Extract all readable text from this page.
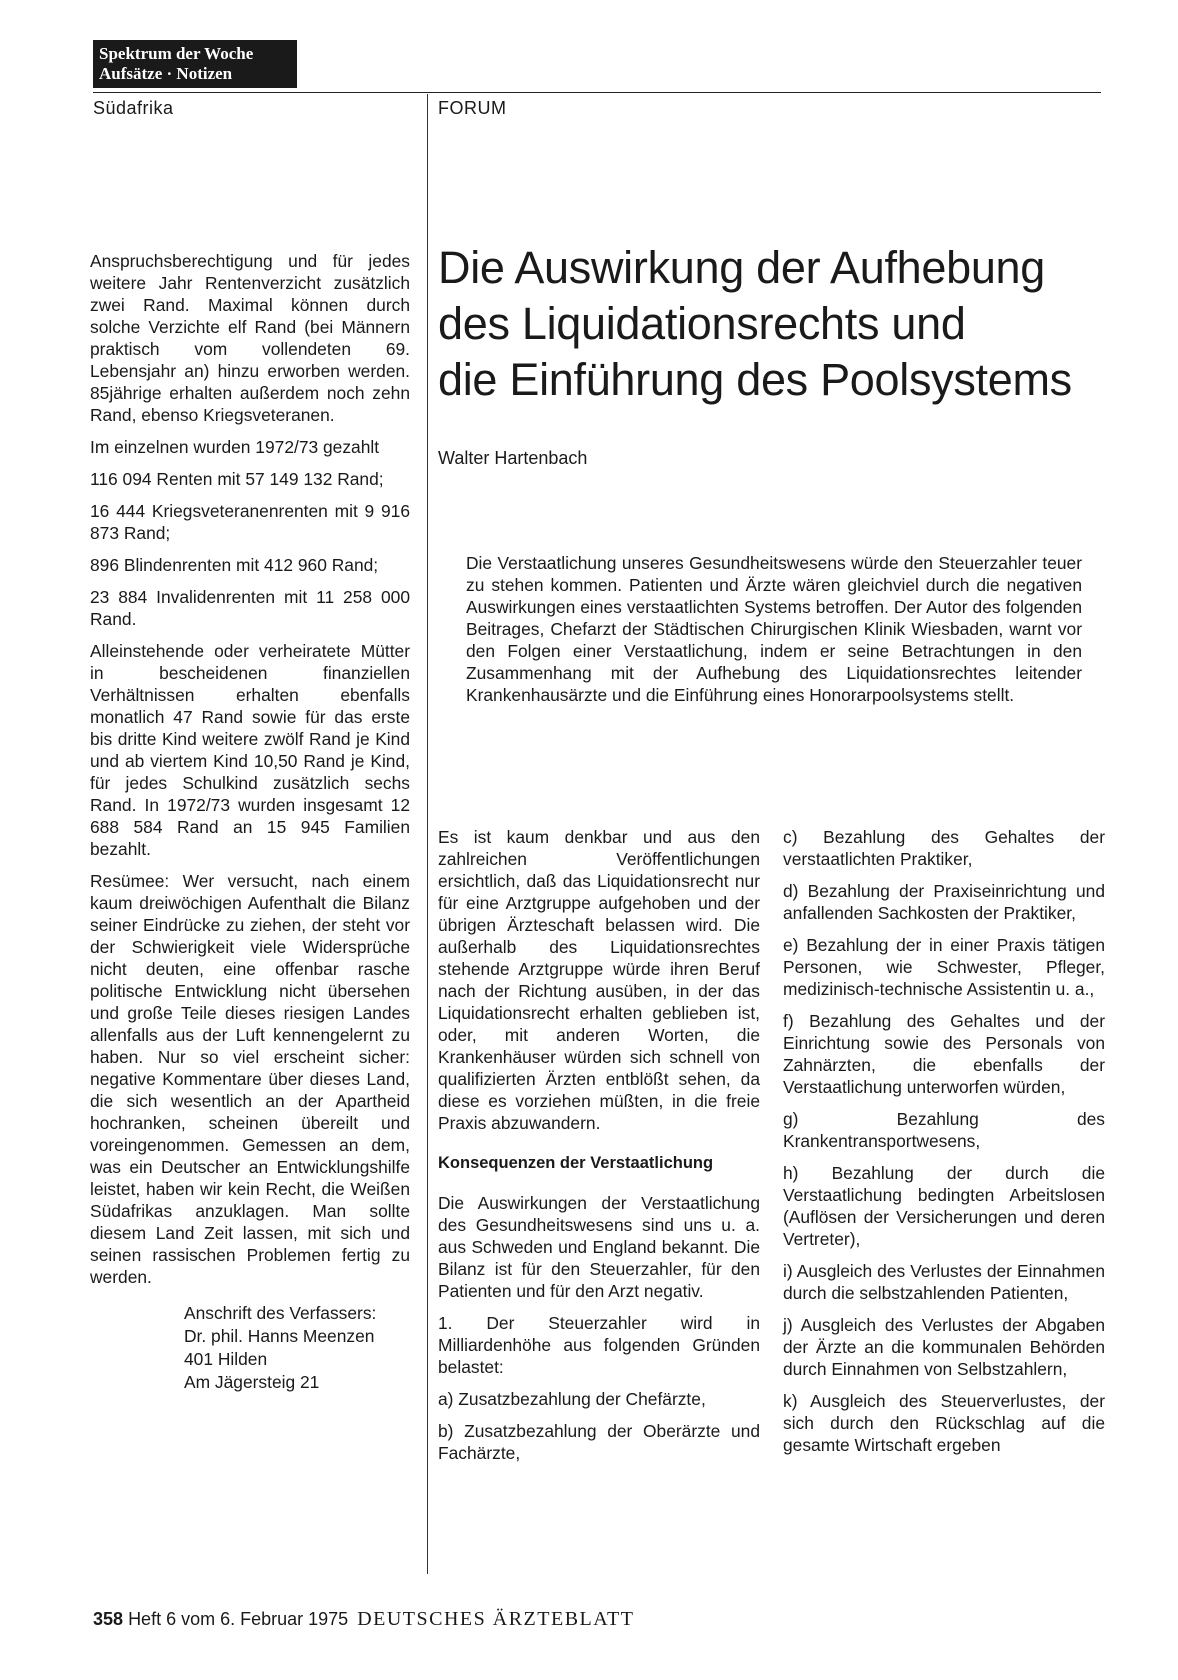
Spektrum der Woche
Aufsätze · Notizen
Südafrika	FORUM

Anspruchsberechtigung und für jedes weitere Jahr Rentenverzicht zusätzlich zwei Rand. Maximal können durch solche Verzichte elf Rand (bei Männern praktisch vom vollendeten 69. Lebensjahr an) hinzu erworben werden. 85jährige erhalten außerdem noch zehn Rand, ebenso Kriegsveteranen.

Im einzelnen wurden 1972/73 gezahlt

116 094 Renten mit 57 149 132 Rand;

16 444 Kriegsveteranenrenten mit 9 916 873 Rand;

896 Blindenrenten mit 412 960 Rand;

23 884 Invalidenrenten mit 11 258 000 Rand.

Alleinstehende oder verheiratete Mütter in bescheidenen finanziellen Verhältnissen erhalten ebenfalls monatlich 47 Rand sowie für das erste bis dritte Kind weitere zwölf Rand je Kind und ab viertem Kind 10,50 Rand je Kind, für jedes Schulkind zusätzlich sechs Rand. In 1972/73 wurden insgesamt 12 688 584 Rand an 15 945 Familien bezahlt.

Resümee: Wer versucht, nach einem kaum dreiwöchigen Aufenthalt die Bilanz seiner Eindrücke zu ziehen, der steht vor der Schwierigkeit viele Widersprüche nicht deuten, eine offenbar rasche politische Entwicklung nicht übersehen und große Teile dieses riesigen Landes allenfalls aus der Luft kennengelernt zu haben. Nur so viel erscheint sicher: negative Kommentare über dieses Land, die sich wesentlich an der Apartheid hochranken, scheinen übereilt und voreingenommen. Gemessen an dem, was ein Deutscher an Entwicklungshilfe leistet, haben wir kein Recht, die Weißen Südafrikas anzuklagen. Man sollte diesem Land Zeit lassen, mit sich und seinen rassischen Problemen fertig zu werden.

Anschrift des Verfassers:
Dr. phil. Hanns Meenzen
401 Hilden
Am Jägersteig 21

Die Auswirkung der Aufhebung
des Liquidationsrechts und
die Einführung des Poolsystems
Walter Hartenbach

Die Verstaatlichung unseres Gesundheitswesens würde den Steuerzahler teuer zu stehen kommen. Patienten und Ärzte wären gleichviel durch die negativen Auswirkungen eines verstaatlichten Systems betroffen. Der Autor des folgenden Beitrages, Chefarzt der Städtischen Chirurgischen Klinik Wiesbaden, warnt vor den Folgen einer Verstaatlichung, indem er seine Betrachtungen in den Zusammenhang mit der Aufhebung des Liquidationsrechtes leitender Krankenhausärzte und die Einführung eines Honorarpoolsystems stellt.

Es ist kaum denkbar und aus den zahlreichen Veröffentlichungen ersichtlich, daß das Liquidationsrecht nur für eine Arztgruppe aufgehoben und der übrigen Ärzteschaft belassen wird. Die außerhalb des Liquidationsrechtes stehende Arztgruppe würde ihren Beruf nach der Richtung ausüben, in der das Liquidationsrecht erhalten geblieben ist, oder, mit anderen Worten, die Krankenhäuser würden sich schnell von qualifizierten Ärzten entblößt sehen, da diese es vorziehen müßten, in die freie Praxis abzuwandern.

Konsequenzen der Verstaatlichung

Die Auswirkungen der Verstaatlichung des Gesundheitswesens sind uns u. a. aus Schweden und England bekannt. Die Bilanz ist für den Steuerzahler, für den Patienten und für den Arzt negativ.

1. Der Steuerzahler wird in Milliardenhöhe aus folgenden Gründen belastet:

a) Zusatzbezahlung der Chefärzte,

b) Zusatzbezahlung der Oberärzte und Fachärzte,

c) Bezahlung des Gehaltes der verstaatlichten Praktiker,

d) Bezahlung der Praxiseinrichtung und anfallenden Sachkosten der Praktiker,

e) Bezahlung der in einer Praxis tätigen Personen, wie Schwester, Pfleger, medizinisch-technische Assistentin u. a.,

f) Bezahlung des Gehaltes und der Einrichtung sowie des Personals von Zahnärzten, die ebenfalls der Verstaatlichung unterworfen würden,

g) Bezahlung des Krankentransportwesens,

h) Bezahlung der durch die Verstaatlichung bedingten Arbeitslosen (Auflösen der Versicherungen und deren Vertreter),

i) Ausgleich des Verlustes der Einnahmen durch die selbstzahlenden Patienten,

j) Ausgleich des Verlustes der Abgaben der Ärzte an die kommunalen Behörden durch Einnahmen von Selbstzahlern,

k) Ausgleich des Steuerverlustes, der sich durch den Rückschlag auf die gesamte Wirtschaft ergeben

358 Heft 6 vom 6. Februar 1975 DEUTSCHES ÄRZTEBLATT
